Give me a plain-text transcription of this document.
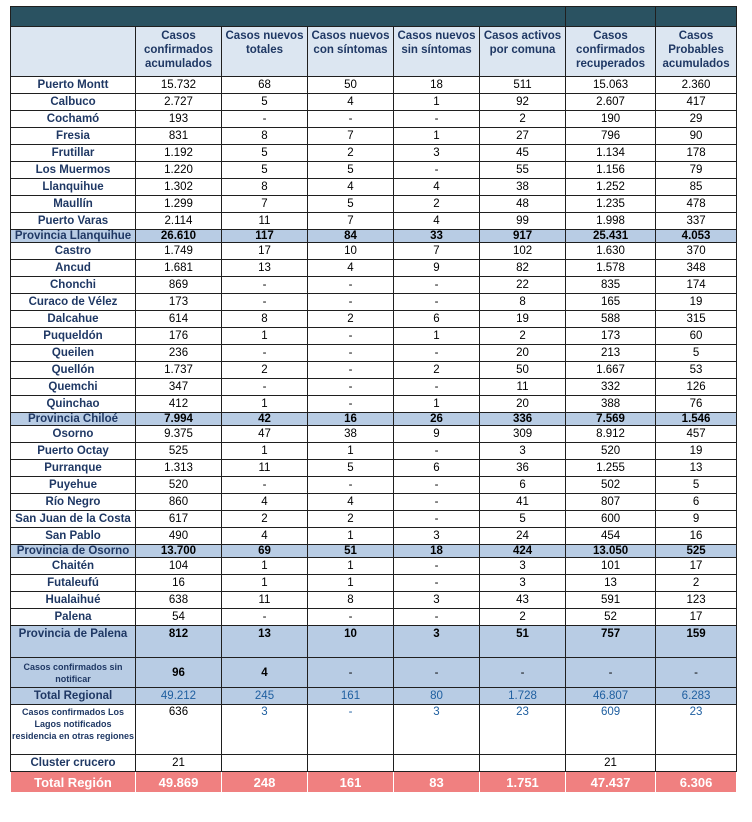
	Casos confirmados acumulados	Casos nuevos totales	Casos nuevos con síntomas	Casos nuevos sin síntomas	Casos activos por comuna	Casos confirmados recuperados	Casos Probables acumulados
Puerto Montt	15.732	68	50	18	511	15.063	2.360
Calbuco	2.727	5	4	1	92	2.607	417
Cochamó	193	-	-	-	2	190	29
Fresia	831	8	7	1	27	796	90
Frutillar	1.192	5	2	3	45	1.134	178
Los Muermos	1.220	5	5	-	55	1.156	79
Llanquihue	1.302	8	4	4	38	1.252	85
Maullín	1.299	7	5	2	48	1.235	478
Puerto Varas	2.114	11	7	4	99	1.998	337
Provincia Llanquihue	26.610	117	84	33	917	25.431	4.053
Castro	1.749	17	10	7	102	1.630	370
Ancud	1.681	13	4	9	82	1.578	348
Chonchi	869	-	-	-	22	835	174
Curaco de Vélez	173	-	-	-	8	165	19
Dalcahue	614	8	2	6	19	588	315
Puqueldón	176	1	-	1	2	173	60
Queilen	236	-	-	-	20	213	5
Quellón	1.737	2	-	2	50	1.667	53
Quemchi	347	-	-	-	11	332	126
Quinchao	412	1	-	1	20	388	76
Provincia Chiloé	7.994	42	16	26	336	7.569	1.546
Osorno	9.375	47	38	9	309	8.912	457
Puerto Octay	525	1	1	-	3	520	19
Purranque	1.313	11	5	6	36	1.255	13
Puyehue	520	-	-	-	6	502	5
Río Negro	860	4	4	-	41	807	6
San Juan de la Costa	617	2	2	-	5	600	9
San Pablo	490	4	1	3	24	454	16
Provincia de Osorno	13.700	69	51	18	424	13.050	525
Chaitén	104	1	1	-	3	101	17
Futaleufú	16	1	1	-	3	13	2
Hualaihué	638	11	8	3	43	591	123
Palena	54	-	-	-	2	52	17
Provincia de Palena	812	13	10	3	51	757	159
Casos confirmados sin notificar	96	4	-	-	-	-	-
Total Regional	49.212	245	161	80	1.728	46.807	6.283
Casos confirmados Los Lagos notificados residencia en otras regiones	636	3	-	3	23	609	23
Cluster crucero	21					21	
Total Región	49.869	248	161	83	1.751	47.437	6.306
